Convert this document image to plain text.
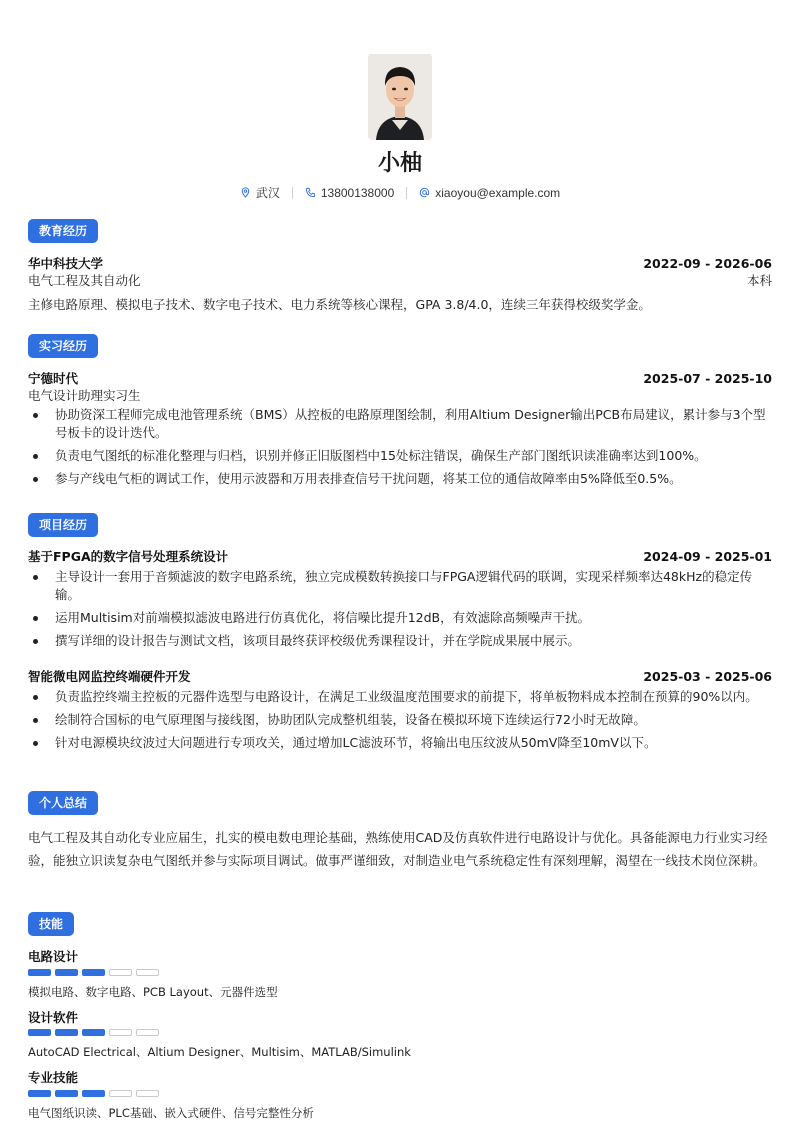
小柚
武汉	13800138000	xiaoyou@example.com
教育经历
华中科技大学	2022-09 - 2026-06
电气工程及其自动化	本科
主修电路原理、模拟电子技术、数字电子技术、电力系统等核心课程，GPA 3.8/4.0，连续三年获得校级奖学金。
实习经历
宁德时代	2025-07 - 2025-10
电气设计助理实习生
协助资深工程师完成电池管理系统（BMS）从控板的电路原理图绘制，利用Altium Designer输出PCB布局建议，累计参与3个型号板卡的设计迭代。
负责电气图纸的标准化整理与归档，识别并修正旧版图档中15处标注错误，确保生产部门图纸识读准确率达到100%。
参与产线电气柜的调试工作，使用示波器和万用表排查信号干扰问题，将某工位的通信故障率由5%降低至0.5%。
项目经历
基于FPGA的数字信号处理系统设计	2024-09 - 2025-01
主导设计一套用于音频滤波的数字电路系统，独立完成模数转换接口与FPGA逻辑代码的联调，实现采样频率达48kHz的稳定传输。
运用Multisim对前端模拟滤波电路进行仿真优化，将信噪比提升12dB，有效滤除高频噪声干扰。
撰写详细的设计报告与测试文档，该项目最终获评校级优秀课程设计，并在学院成果展中展示。
智能微电网监控终端硬件开发	2025-03 - 2025-06
负责监控终端主控板的元器件选型与电路设计，在满足工业级温度范围要求的前提下，将单板物料成本控制在预算的90%以内。
绘制符合国标的电气原理图与接线图，协助团队完成整机组装，设备在模拟环境下连续运行72小时无故障。
针对电源模块纹波过大问题进行专项攻关，通过增加LC滤波环节，将输出电压纹波从50mV降至10mV以下。
个人总结
电气工程及其自动化专业应届生，扎实的模电数电理论基础，熟练使用CAD及仿真软件进行电路设计与优化。具备能源电力行业实习经验，能独立识读复杂电气图纸并参与实际项目调试。做事严谨细致，对制造业电气系统稳定性有深刻理解，渴望在一线技术岗位深耕。
技能
电路设计
模拟电路、数字电路、PCB Layout、元器件选型
设计软件
AutoCAD Electrical、Altium Designer、Multisim、MATLAB/Simulink
专业技能
电气图纸识读、PLC基础、嵌入式硬件、信号完整性分析
